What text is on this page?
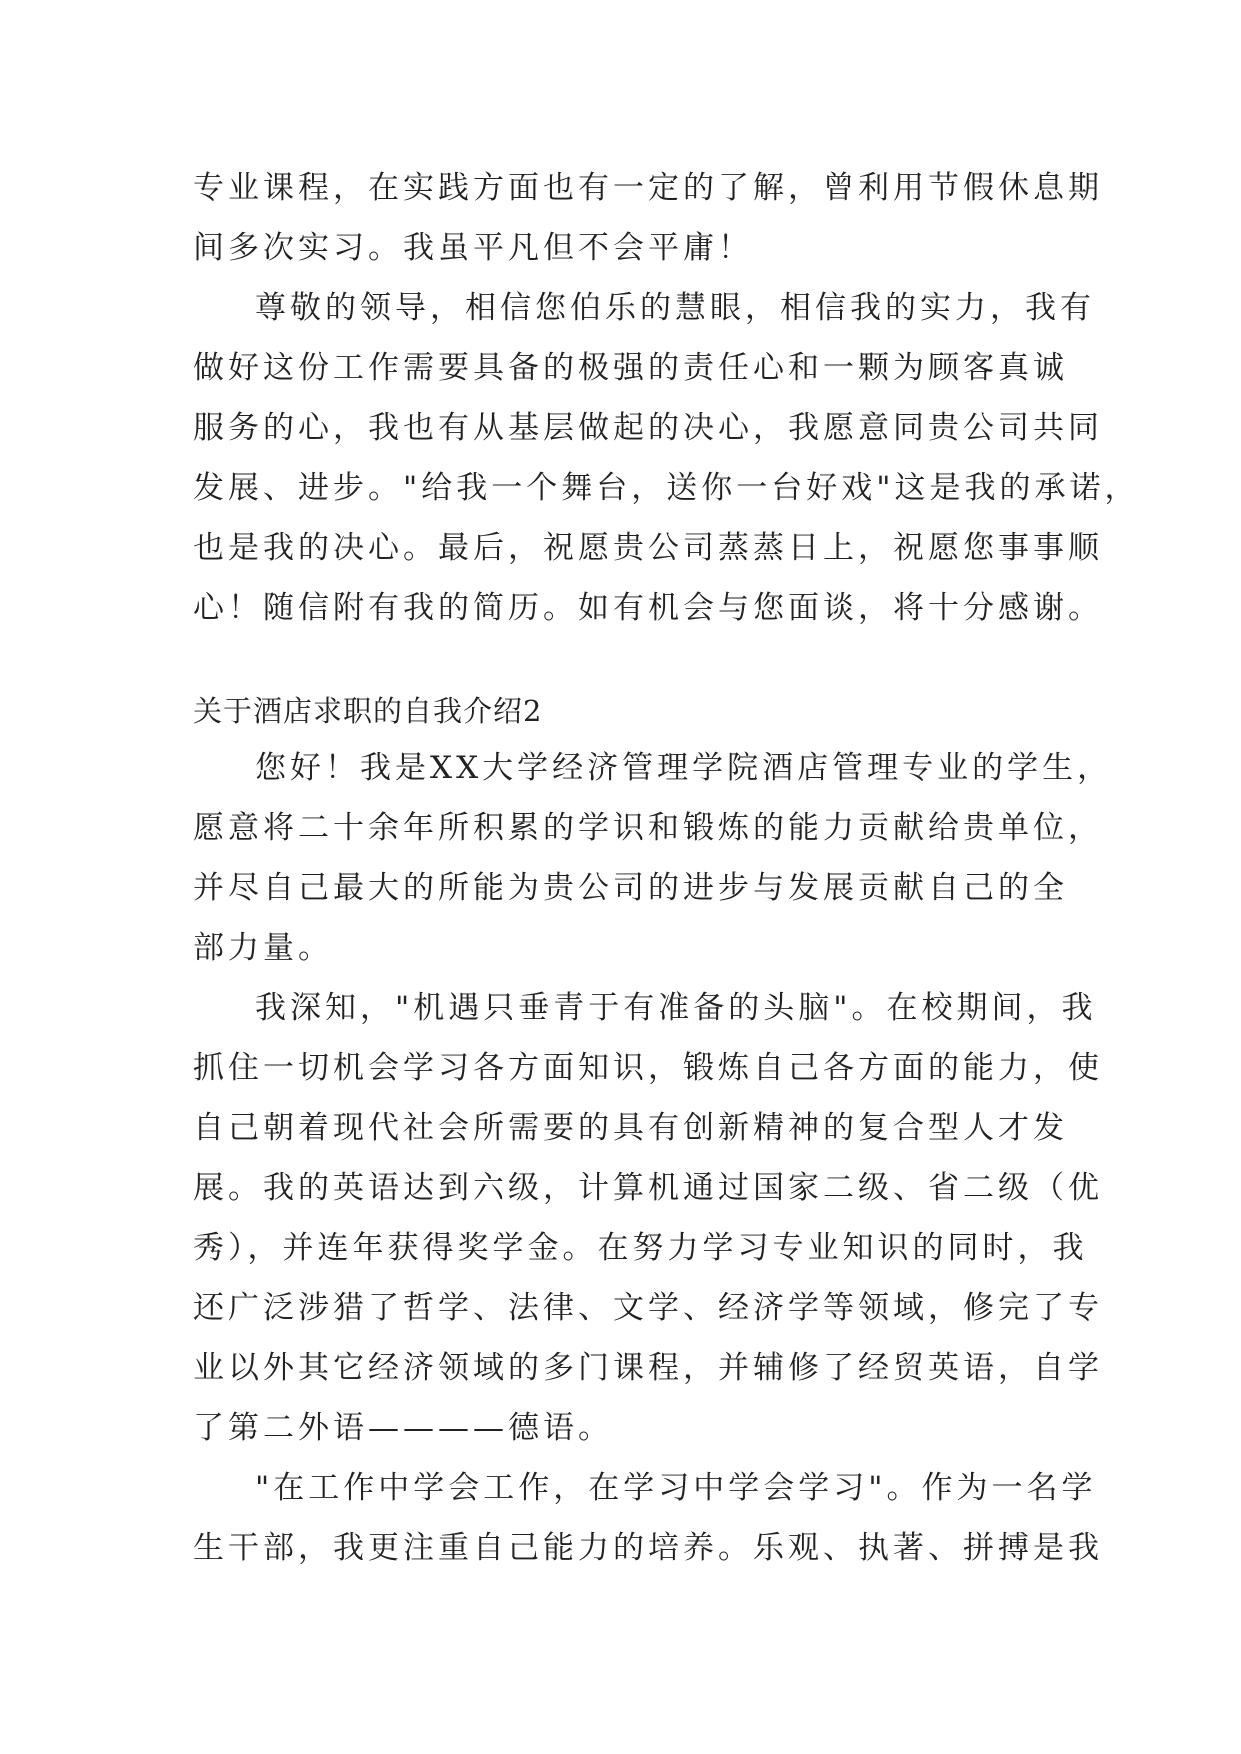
专业课程，在实践方面也有一定的了解，曾利用节假休息期
间多次实习。我虽平凡但不会平庸！
尊敬的领导，相信您伯乐的慧眼，相信我的实力，我有
做好这份工作需要具备的极强的责任心和一颗为顾客真诚
服务的心，我也有从基层做起的决心，我愿意同贵公司共同
发展、进步。"给我一个舞台，送你一台好戏"这是我的承诺，
也是我的决心。最后，祝愿贵公司蒸蒸日上，祝愿您事事顺
心！随信附有我的简历。如有机会与您面谈，将十分感谢。
关于酒店求职的自我介绍2
您好！我是XX大学经济管理学院酒店管理专业的学生，
愿意将二十余年所积累的学识和锻炼的能力贡献给贵单位，
并尽自己最大的所能为贵公司的进步与发展贡献自己的全
部力量。
我深知，"机遇只垂青于有准备的头脑"。在校期间，我
抓住一切机会学习各方面知识，锻炼自己各方面的能力，使
自己朝着现代社会所需要的具有创新精神的复合型人才发
展。我的英语达到六级，计算机通过国家二级、省二级（优
秀），并连年获得奖学金。在努力学习专业知识的同时，我
还广泛涉猎了哲学、法律、文学、经济学等领域，修完了专
业以外其它经济领域的多门课程，并辅修了经贸英语，自学
了第二外语————德语。
"在工作中学会工作，在学习中学会学习"。作为一名学
生干部，我更注重自己能力的培养。乐观、执著、拼搏是我
